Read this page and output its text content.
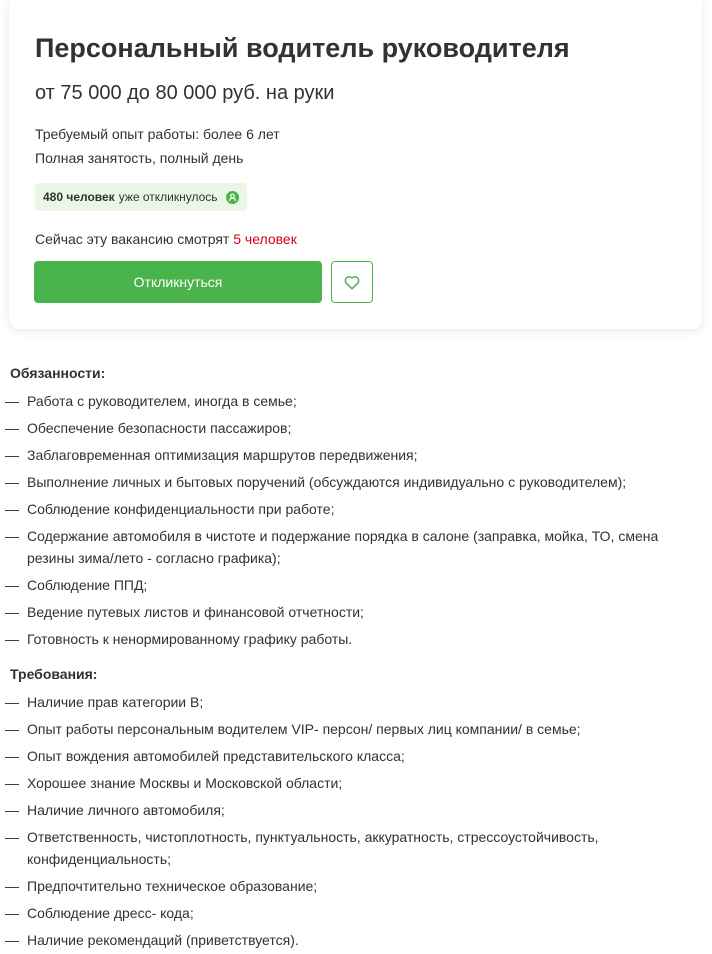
Персональный водитель руководителя
от 75 000 до 80 000 руб. на руки
Требуемый опыт работы: более 6 лет
Полная занятость, полный день
480 человек уже откликнулось
Сейчас эту вакансию смотрят 5 человек
Откликнуться
Обязанности:
— Работа с руководителем, иногда в семье;
— Обеспечение безопасности пассажиров;
— Заблаговременная оптимизация маршрутов передвижения;
— Выполнение личных и бытовых поручений (обсуждаются индивидуально с руководителем);
— Соблюдение конфиденциальности при работе;
— Содержание автомобиля в чистоте и подержание порядка в салоне (заправка, мойка, ТО, смена резины зима/лето - согласно графика);
— Соблюдение ППД;
— Ведение путевых листов и финансовой отчетности;
— Готовность к ненормированному графику работы.
Требования:
— Наличие прав категории B;
— Опыт работы персональным водителем VIP- персон/ первых лиц компании/ в семье;
— Опыт вождения автомобилей представительского класса;
— Хорошее знание Москвы и Московской области;
— Наличие личного автомобиля;
— Ответственность, чистоплотность, пунктуальность, аккуратность, стрессоустойчивость, конфиденциальность;
— Предпочтительно техническое образование;
— Соблюдение дресс- кода;
— Наличие рекомендаций (приветствуется).
